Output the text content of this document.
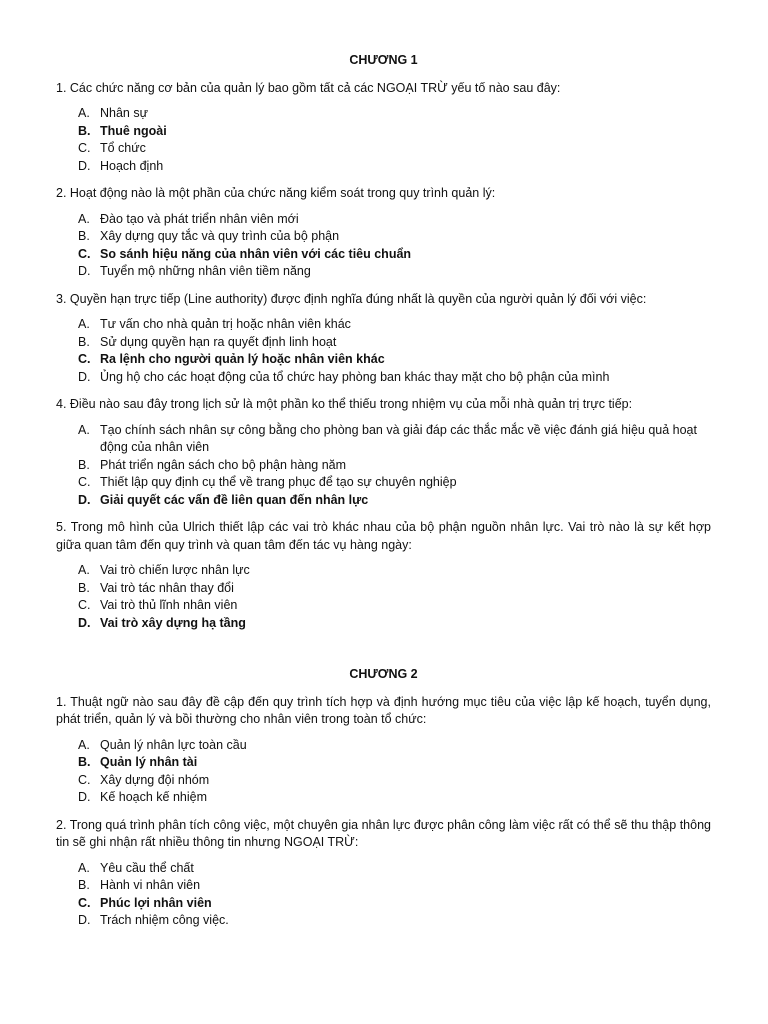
CHƯƠNG 1
1. Các chức năng cơ bản của quản lý bao gồm tất cả các NGOẠI TRỪ yếu tố nào sau đây:
A. Nhân sự
B. Thuê ngoài
C. Tổ chức
D. Hoạch định
2. Hoạt động nào là một phần của chức năng kiểm soát trong quy trình quản lý:
A. Đào tạo và phát triển nhân viên mới
B. Xây dựng quy tắc và quy trình của bộ phận
C. So sánh hiệu năng của nhân viên với các tiêu chuẩn
D. Tuyển mộ những nhân viên tiềm năng
3. Quyền hạn trực tiếp (Line authority) được định nghĩa đúng nhất là quyền của người quản lý đối với việc:
A. Tư vấn cho nhà quản trị hoặc nhân viên khác
B. Sử dụng quyền hạn ra quyết định linh hoạt
C. Ra lệnh cho người quản lý hoặc nhân viên khác
D. Ủng hộ cho các hoạt động của tổ chức hay phòng ban khác thay mặt cho bộ phận của mình
4. Điều nào sau đây trong lịch sử là một phần ko thể thiếu trong nhiệm vụ của mỗi nhà quản trị trực tiếp:
A. Tạo chính sách nhân sự công bằng cho phòng ban và giải đáp các thắc mắc về việc đánh giá hiệu quả hoạt động của nhân viên
B. Phát triển ngân sách cho bộ phận hàng năm
C. Thiết lập quy định cụ thể về trang phục để tạo sự chuyên nghiệp
D. Giải quyết các vấn đề liên quan đến nhân lực
5. Trong mô hình của Ulrich thiết lập các vai trò khác nhau của bộ phận nguồn nhân lực. Vai trò nào là sự kết hợp giữa quan tâm đến quy trình và quan tâm đến tác vụ hàng ngày:
A. Vai trò chiến lược nhân lực
B. Vai trò tác nhân thay đổi
C. Vai trò thủ lĩnh nhân viên
D. Vai trò xây dựng hạ tầng
CHƯƠNG 2
1. Thuật ngữ nào sau đây đề cập đến quy trình tích hợp và định hướng mục tiêu của việc lập kế hoạch, tuyển dụng, phát triển, quản lý và bồi thường cho nhân viên trong toàn tổ chức:
A. Quản lý nhân lực toàn cầu
B. Quản lý nhân tài
C. Xây dựng đội nhóm
D. Kế hoạch kế nhiệm
2. Trong quá trình phân tích công việc, một chuyên gia nhân lực được phân công làm việc rất có thể sẽ thu thập thông tin sẽ ghi nhận rất nhiều thông tin nhưng NGOẠI TRỪ:
A. Yêu cầu thể chất
B. Hành vi nhân viên
C. Phúc lợi nhân viên
D. Trách nhiệm công việc.
